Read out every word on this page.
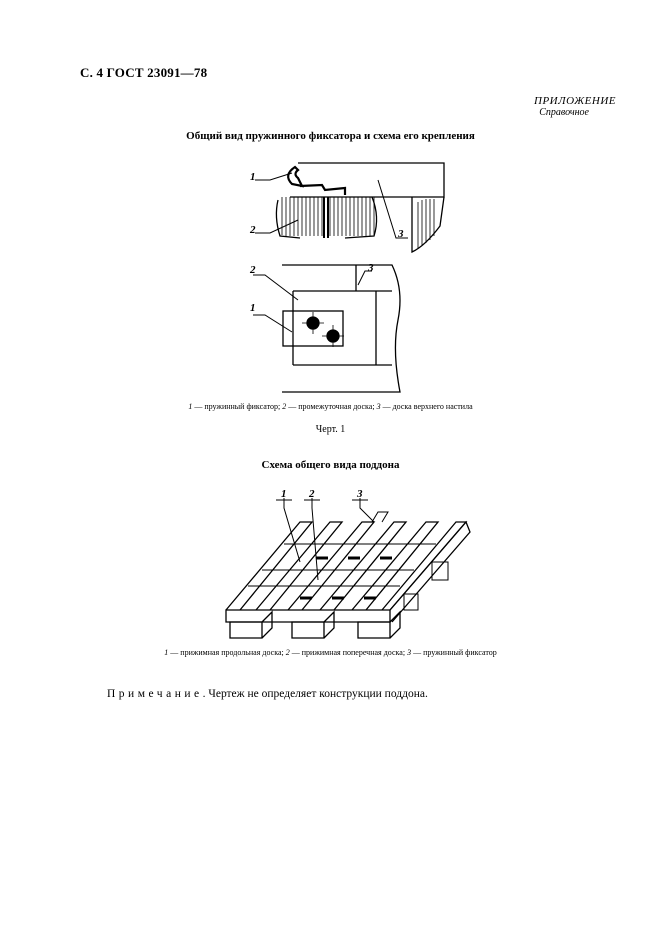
С. 4 ГОСТ 23091—78
ПРИЛОЖЕНИЕ
Справочное
Общий вид пружинного фиксатора и схема его крепления
1
2	3
2
1
3
1 — пружинный фиксатор; 2 — промежуточная доска; 3 — доска верхнего настила
Черт. 1
Схема общего вида поддона
1 2	3
1 — прижимная продольная доска; 2 — прижимная поперечная доска; 3 — пружинный фиксатор
Примечание. Чертеж не определяет конструкции поддона.
